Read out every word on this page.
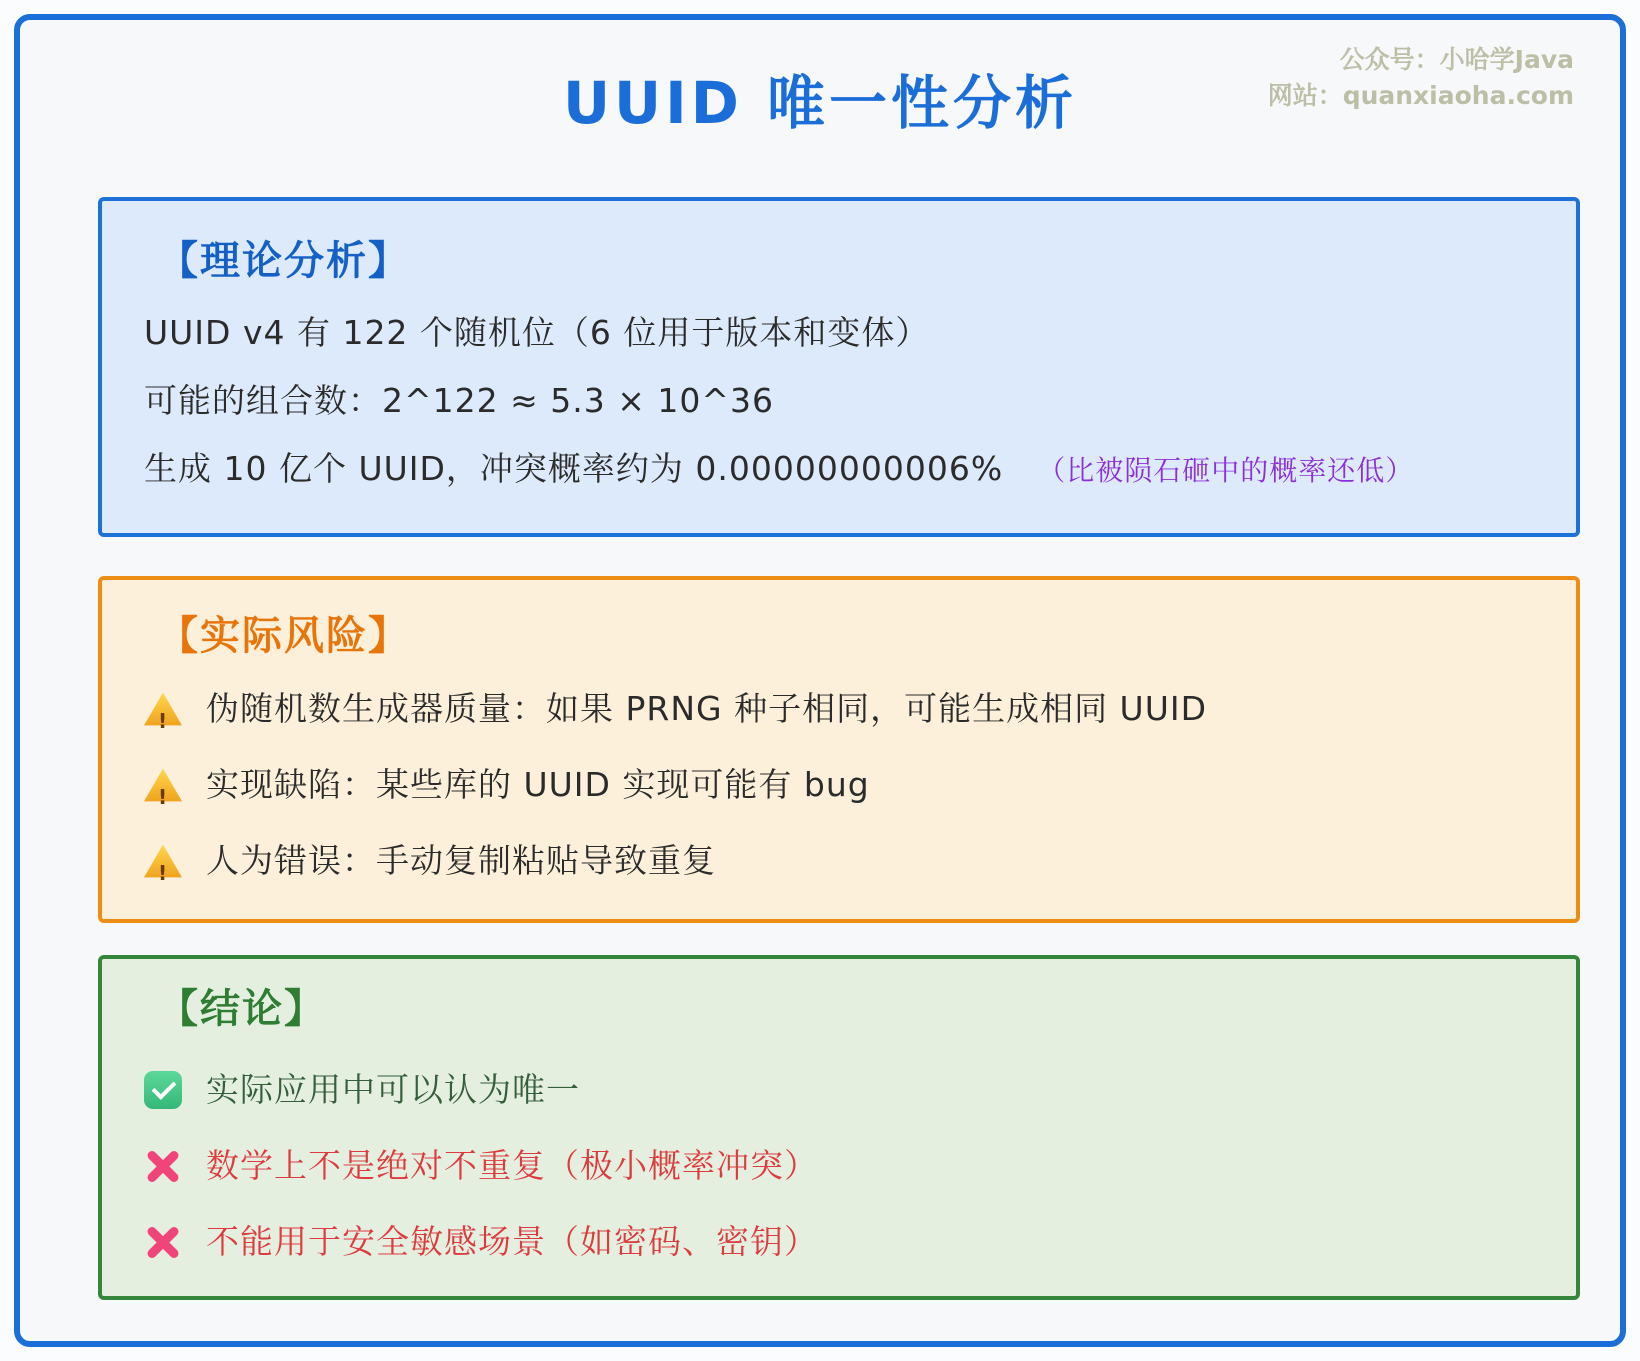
公众号：小哈学Java
网站：quanxiaoha.com
UUID 唯一性分析
【理论分析】

UUID v4 有 122 个随机位（6 位用于版本和变体）

可能的组合数：2^122 ≈ 5.3 × 10^36

生成 10 亿个 UUID，冲突概率约为 0.00000000006% （比被陨石砸中的概率还低）

【实际风险】
!
伪随机数生成器质量：如果 PRNG 种子相同，可能生成相同 UUID
!
实现缺陷：某些库的 UUID 实现可能有 bug
!
人为错误：手动复制粘贴导致重复
【结论】
实际应用中可以认为唯一
数学上不是绝对不重复（极小概率冲突）
不能用于安全敏感场景（如密码、密钥）
